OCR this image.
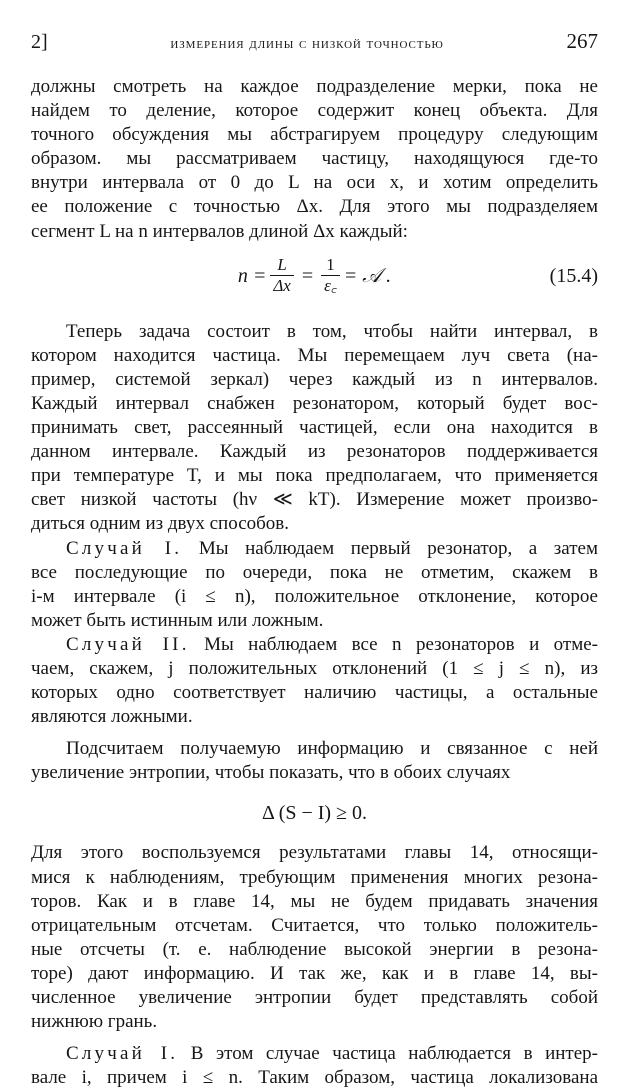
2]	измерения длины с низкой точностью	267

должны смотреть на каждое подразделение мерки, пока не
найдем то деление, которое содержит конец объекта. Для
точного обсуждения мы абстрагируем процедуру следующим
образом. мы рассматриваем частицу, находящуюся где-то
внутри интервала от 0 до L на оси x, и хотим определить
ее положение с точностью Δx. Для этого мы подразделяем
сегмент L на n интервалов длиной Δx каждый:

$n = \frac{L}{\Delta x} = \frac{1}{\varepsilon꜀}$ = 𝒜 .	(15.4)

Теперь задача состоит в том, чтобы найти интервал, в
котором находится частица. Мы перемещаем луч света (на-
пример, системой зеркал) через каждый из n интервалов.
Каждый интервал снабжен резонатором, который будет вос-
принимать свет, рассеянный частицей, если она находится в
данном интервале. Каждый из резонаторов поддерживается
при температуре T, и мы пока предполагаем, что применяется
свет низкой частоты (hν ≪ kT). Измерение может произво-
диться одним из двух способов.

Случай I. Мы наблюдаем первый резонатор, а затем
все последующие по очереди, пока не отметим, скажем в
i-м интервале (i ≤ n), положительное отклонение, которое
может быть истинным или ложным.

Случай II. Мы наблюдаем все n резонаторов и отме-
чаем, скажем, j положительных отклонений (1 ≤ j ≤ n), из
которых одно соответствует наличию частицы, а остальные
являются ложными.

Подсчитаем получаемую информацию и связанное с ней
увеличение энтропии, чтобы показать, что в обоих случаях

Δ (S − I) ≥ 0.

Для этого воспользуемся результатами главы 14, относящи-
мися к наблюдениям, требующим применения многих резона-
торов. Как и в главе 14, мы не будем придавать значения
отрицательным отсчетам. Считается, что только положитель-
ные отсчеты (т. е. наблюдение высокой энергии в резона-
торе) дают информацию. И так же, как и в главе 14, вы-
численное увеличение энтропии будет представлять собой
нижнюю грань.

Случай I. В этом случае частица наблюдается в интер-
вале i, причем i ≤ n. Таким образом, частица локализована
